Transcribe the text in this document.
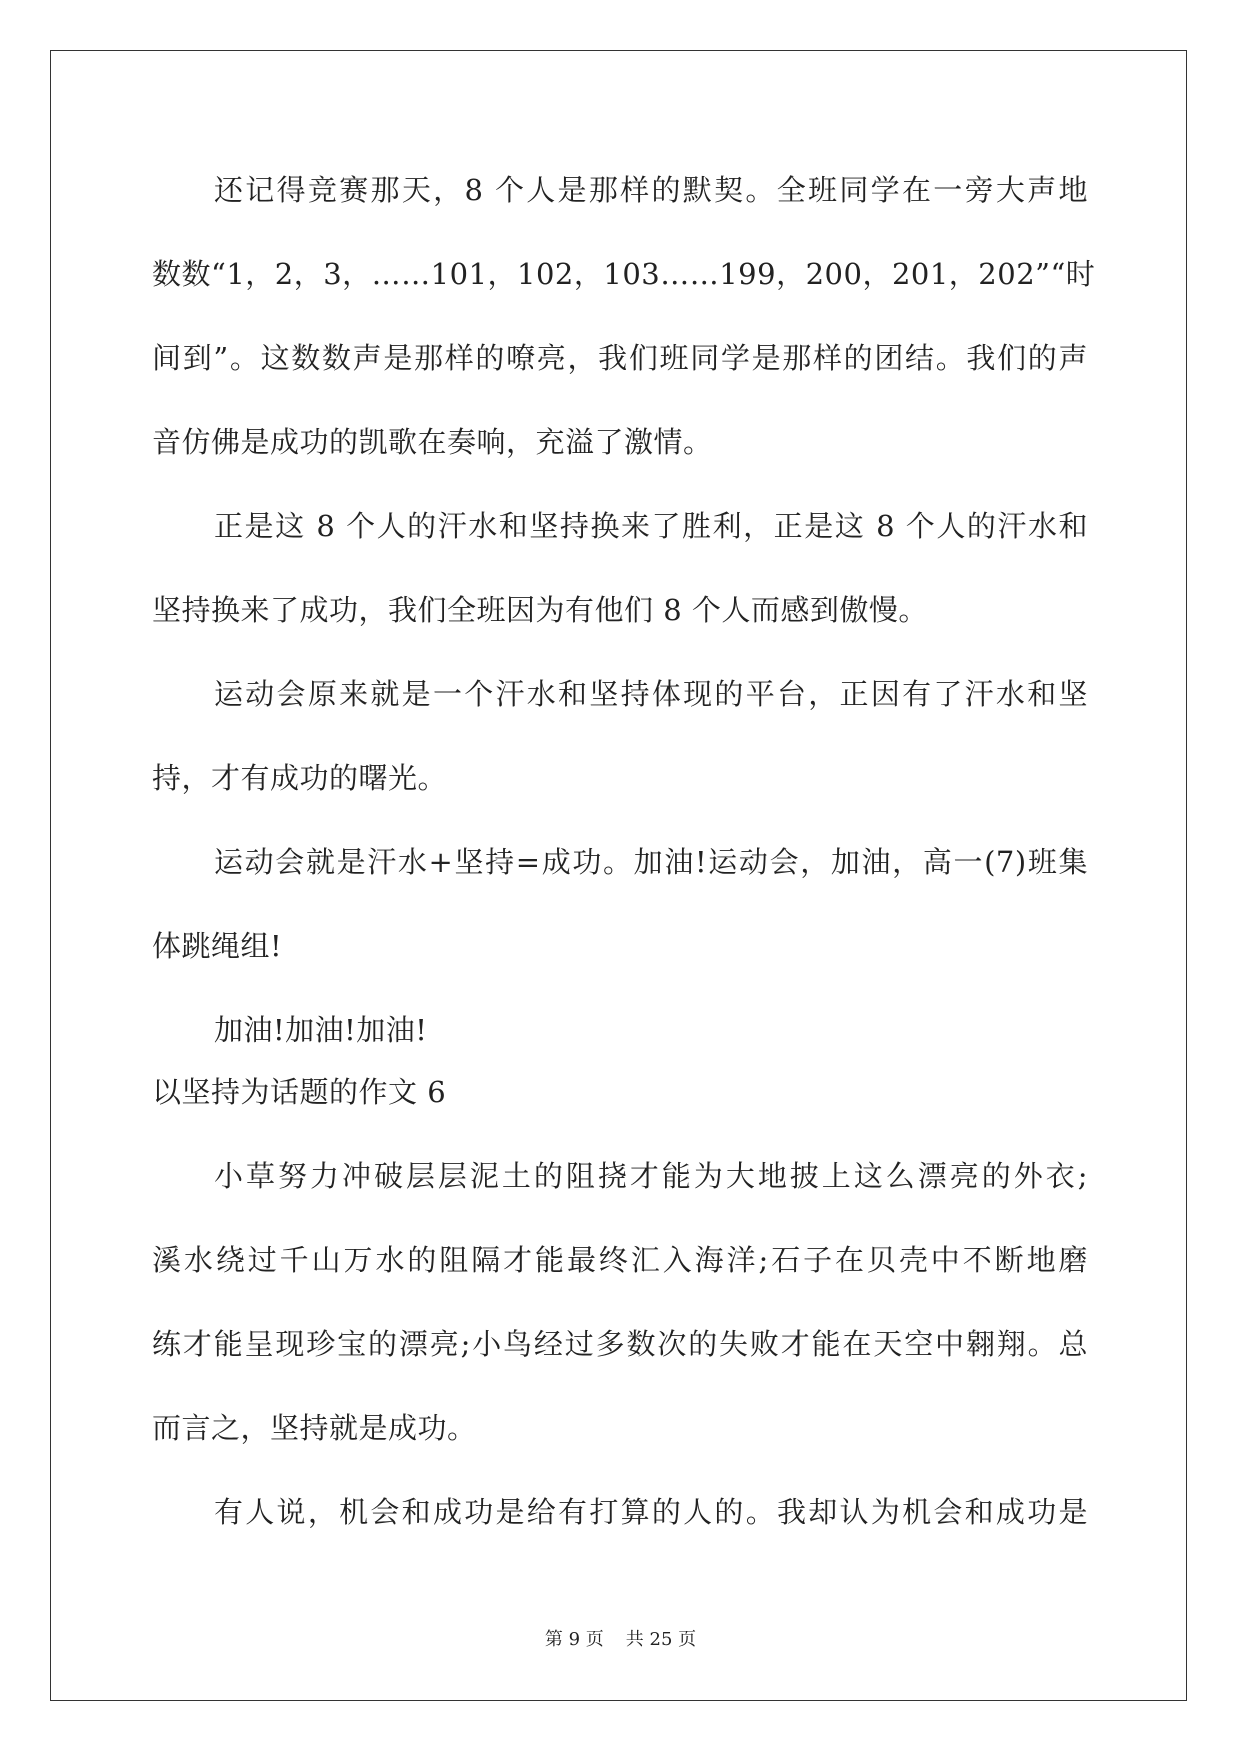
还记得竞赛那天，8 个人是那样的默契。全班同学在一旁大声地
数数“1，2，3，……101，102，103……199，200，201，202”“时
间到”。这数数声是那样的嘹亮，我们班同学是那样的团结。我们的声
音仿佛是成功的凯歌在奏响，充溢了激情。
正是这 8 个人的汗水和坚持换来了胜利，正是这 8 个人的汗水和
坚持换来了成功，我们全班因为有他们 8 个人而感到傲慢。
运动会原来就是一个汗水和坚持体现的平台，正因有了汗水和坚
持，才有成功的曙光。
运动会就是汗水+坚持=成功。加油!运动会，加油，高一(7)班集
体跳绳组!
加油!加油!加油!
以坚持为话题的作文 6
小草努力冲破层层泥土的阻挠才能为大地披上这么漂亮的外衣;
溪水绕过千山万水的阻隔才能最终汇入海洋;石子在贝壳中不断地磨
练才能呈现珍宝的漂亮;小鸟经过多数次的失败才能在天空中翱翔。总
而言之，坚持就是成功。
有人说，机会和成功是给有打算的人的。我却认为机会和成功是
第 9 页 共 25 页
